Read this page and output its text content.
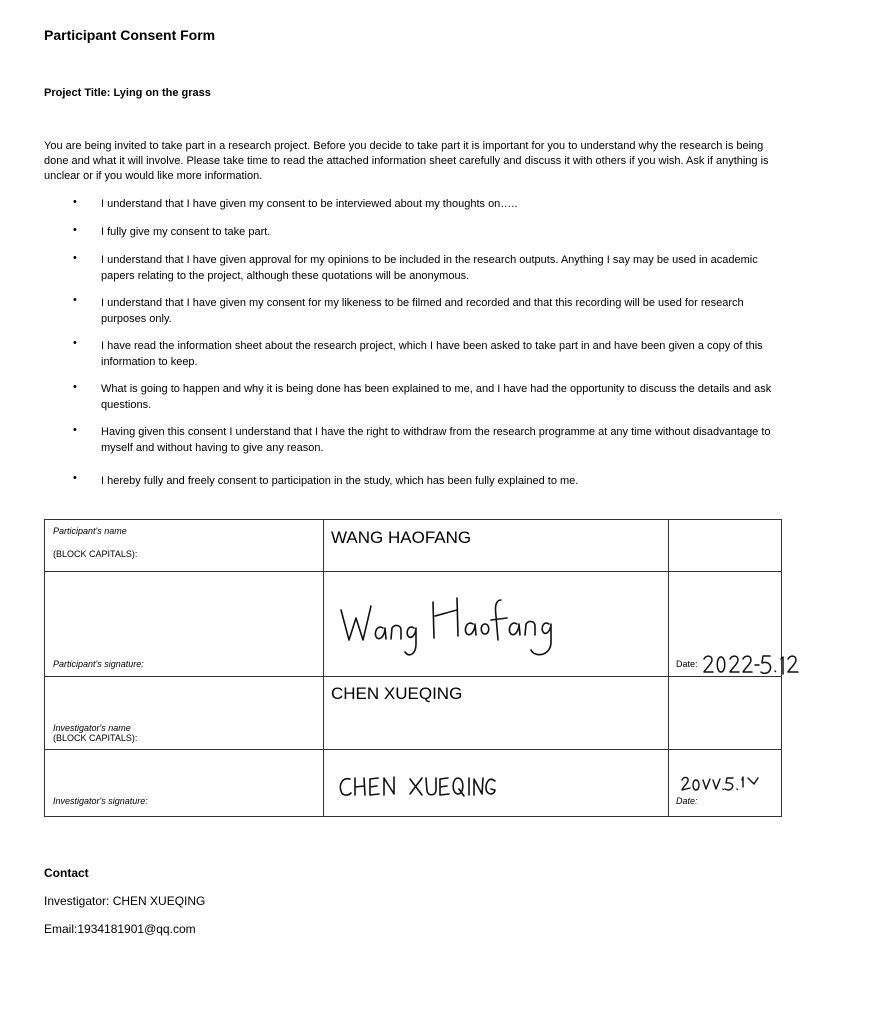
Participant Consent Form
Project Title: Lying on the grass
You are being invited to take part in a research project. Before you decide to take part it is important for you to understand why the research is being done and what it will involve. Please take time to read the attached information sheet carefully and discuss it with others if you wish. Ask if anything is unclear or if you would like more information.
• I understand that I have given my consent to be interviewed about my thoughts on…..
• I fully give my consent to take part.
• I understand that I have given approval for my opinions to be included in the research outputs. Anything I say may be used in academic papers relating to the project, although these quotations will be anonymous.
• I understand that I have given my consent for my likeness to be filmed and recorded and that this recording will be used for research purposes only.
• I have read the information sheet about the research project, which I have been asked to take part in and have been given a copy of this information to keep.
• What is going to happen and why it is being done has been explained to me, and I have had the opportunity to discuss the details and ask questions.
• Having given this consent I understand that I have the right to withdraw from the research programme at any time without disadvantage to myself and without having to give any reason.
• I hereby fully and freely consent to participation in the study, which has been fully explained to me.
Participant's name
(BLOCK CAPITALS):
WANG HAOFANG
Participant's signature:	Date:
CHEN XUEQING
Investigator's name
(BLOCK CAPITALS):
Investigator's signature:	Date:
Contact
Investigator: CHEN XUEQING
Email:1934181901@qq.com
